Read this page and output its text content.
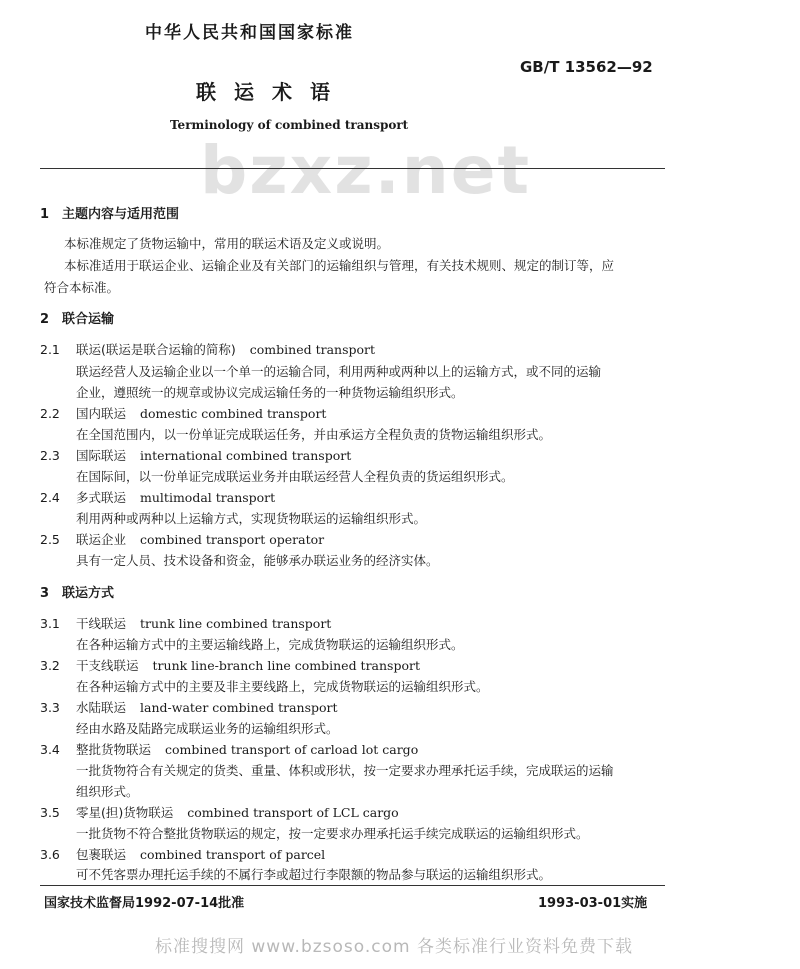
中华人民共和国国家标准
GB/T 13562—92
联运术语
Terminology of combined transport
bzxz.net
1 主题内容与适用范围
本标准规定了货物运输中，常用的联运术语及定义或说明。
本标准适用于联运企业、运输企业及有关部门的运输组织与管理，有关技术规则、规定的制订等，应
符合本标准。
2 联合运输
2.1 联运(联运是联合运输的简称) combined transport
联运经营人及运输企业以一个单一的运输合同，利用两种或两种以上的运输方式，或不同的运输
企业，遵照统一的规章或协议完成运输任务的一种货物运输组织形式。
2.2 国内联运 domestic combined transport
在全国范围内，以一份单证完成联运任务，并由承运方全程负责的货物运输组织形式。
2.3 国际联运 international combined transport
在国际间，以一份单证完成联运业务并由联运经营人全程负责的货运组织形式。
2.4 多式联运 multimodal transport
利用两种或两种以上运输方式，实现货物联运的运输组织形式。
2.5 联运企业 combined transport operator
具有一定人员、技术设备和资金，能够承办联运业务的经济实体。
3 联运方式
3.1 干线联运 trunk line combined transport
在各种运输方式中的主要运输线路上，完成货物联运的运输组织形式。
3.2 干支线联运 trunk line-branch line combined transport
在各种运输方式中的主要及非主要线路上，完成货物联运的运输组织形式。
3.3 水陆联运 land-water combined transport
经由水路及陆路完成联运业务的运输组织形式。
3.4 整批货物联运 combined transport of carload lot cargo
一批货物符合有关规定的货类、重量、体积或形状，按一定要求办理承托运手续，完成联运的运输
组织形式。
3.5 零星(担)货物联运 combined transport of LCL cargo
一批货物不符合整批货物联运的规定，按一定要求办理承托运手续完成联运的运输组织形式。
3.6 包裹联运 combined transport of parcel
可不凭客票办理托运手续的不属行李或超过行李限额的物品参与联运的运输组织形式。
国家技术监督局1992-07-14批准	1993-03-01实施
标准搜搜网 www.bzsoso.com 各类标准行业资料免费下载
